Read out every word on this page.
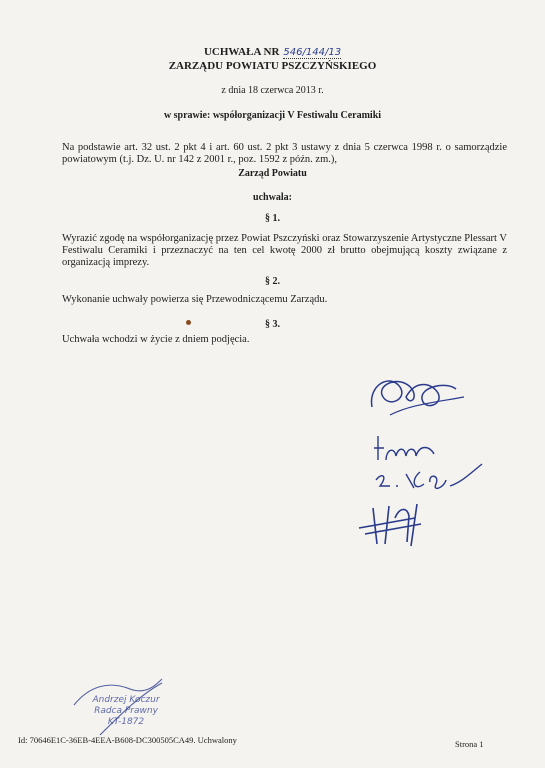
UCHWAŁA NR 546/144/13
ZARZĄDU POWIATU PSZCZYŃSKIEGO
z dnia 18 czerwca 2013 r.
w sprawie: współorganizacji V Festiwalu Ceramiki
Na podstawie art. 32 ust. 2 pkt 4 i art. 60 ust. 2 pkt 3 ustawy z dnia 5 czerwca 1998 r. o samorządzie powiatowym (t.j. Dz. U. nr 142 z 2001 r., poz. 1592 z późn. zm.),
Zarząd Powiatu
uchwala:
§ 1.
Wyrazić zgodę na współorganizację przez Powiat Pszczyński oraz Stowarzyszenie Artystyczne Plessart V Festiwalu Ceramiki i przeznaczyć na ten cel kwotę 2000 zł brutto obejmującą koszty związane z organizacją imprezy.
§ 2.
Wykonanie uchwały powierza się Przewodniczącemu Zarządu.
§ 3.
Uchwała wchodzi w życie z dniem podjęcia.
Andrzej Koczur
Radca Prawny
KT-1872
Id: 70646E1C-36EB-4EEA-B608-DC300505CA49. Uchwalony	Strona 1
